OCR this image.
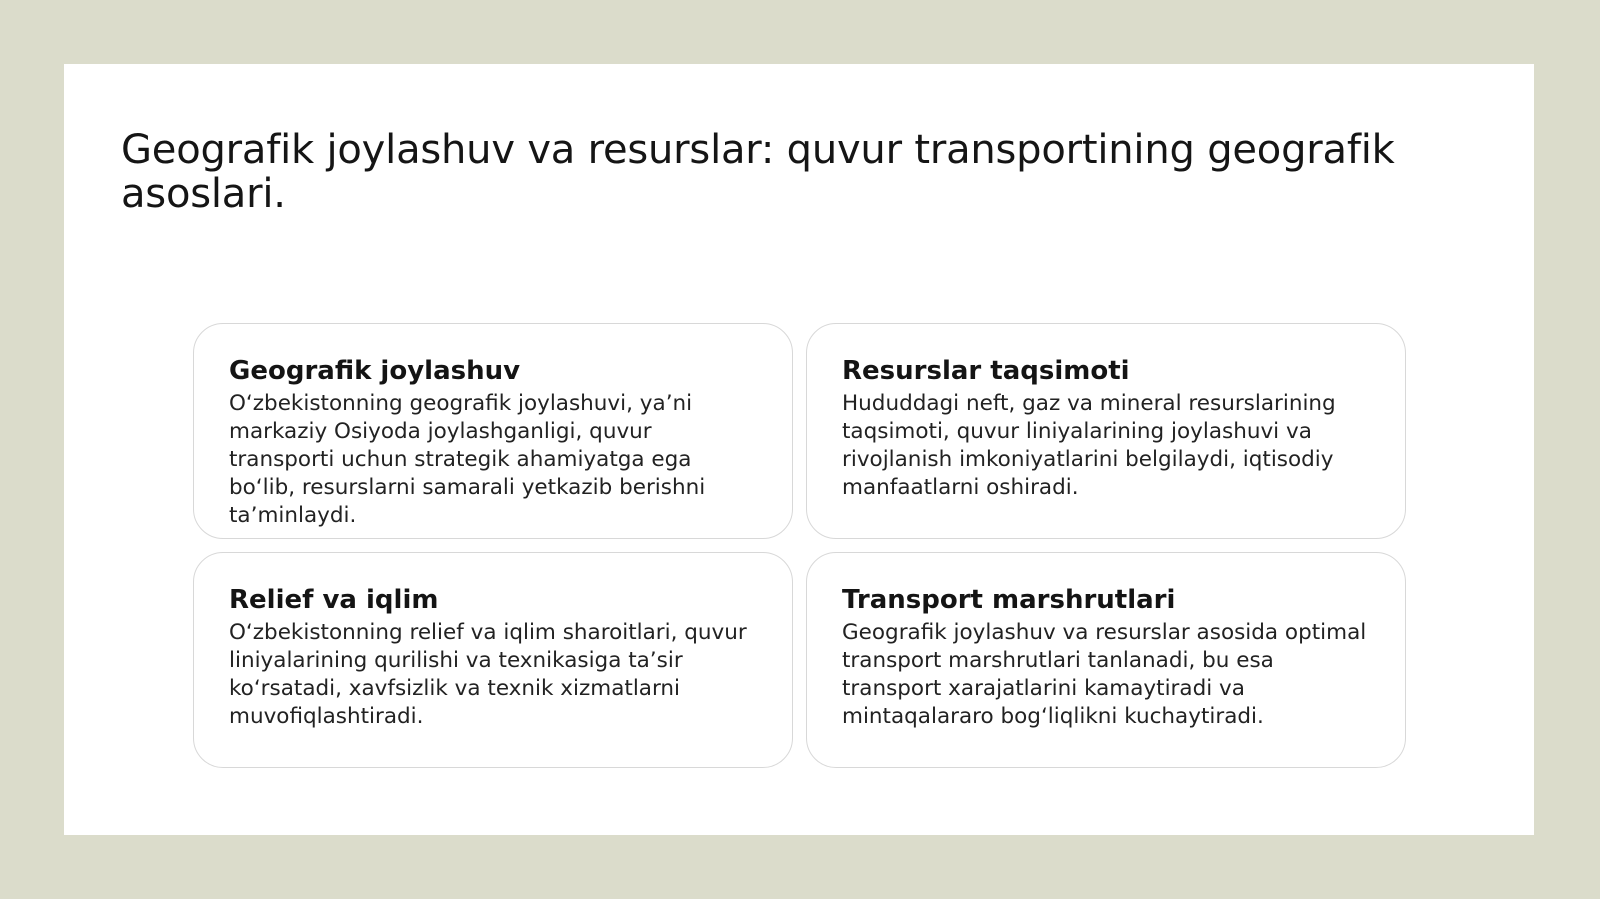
Geografik joylashuv va resurslar: quvur transportining geografik asoslari.
Geografik joylashuv
O‘zbekistonning geografik joylashuvi, ya’ni markaziy Osiyoda joylashganligi, quvur transporti uchun strategik ahamiyatga ega bo‘lib, resurslarni samarali yetkazib berishni ta’minlaydi.
Resurslar taqsimoti
Hududdagi neft, gaz va mineral resurslarining taqsimoti, quvur liniyalarining joylashuvi va rivojlanish imkoniyatlarini belgilaydi, iqtisodiy manfaatlarni oshiradi.
Relief va iqlim
O‘zbekistonning relief va iqlim sharoitlari, quvur liniyalarining qurilishi va texnikasiga ta’sir ko‘rsatadi, xavfsizlik va texnik xizmatlarni muvofiqlashtiradi.
Transport marshrutlari
Geografik joylashuv va resurslar asosida optimal transport marshrutlari tanlanadi, bu esa transport xarajatlarini kamaytiradi va mintaqalararo bog‘liqlikni kuchaytiradi.
